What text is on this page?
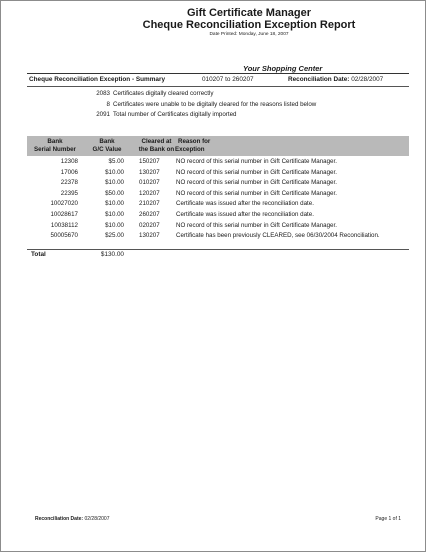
Gift Certificate Manager
Cheque Reconciliation Exception Report
Date Printed: Monday, June 18, 2007
Your Shopping Center
Cheque Reconciliation Exception - Summary	010207 to 260207	Reconciliation Date: 02/28/2007
2083 Certificates digitally cleared correctly
8 Certificates were unable to be digitally cleared for the reasons listed below
2091 Total number of Certificates digitally imported
Bank
Serial Number
Bank
G/C Value
Cleared at
the Bank on
Reason for
Exception
12308	$5.00 150207	NO record of this serial number in Gift Certificate Manager.
17006	$10.00 130207	NO record of this serial number in Gift Certificate Manager.
22378	$10.00 010207	NO record of this serial number in Gift Certificate Manager.
22395	$50.00 120207	NO record of this serial number in Gift Certificate Manager.
10027020	$10.00 210207	Certificate was issued after the reconciliation date.
10028617	$10.00 260207	Certificate was issued after the reconciliation date.
10038112	$10.00 020207	NO record of this serial number in Gift Certificate Manager.
50005670	$25.00 130207	Certificate has been previously CLEARED, see 06/30/2004 Reconciliation.
Total	$130.00
Reconciliation Date: 02/28/2007	Page 1 of 1
